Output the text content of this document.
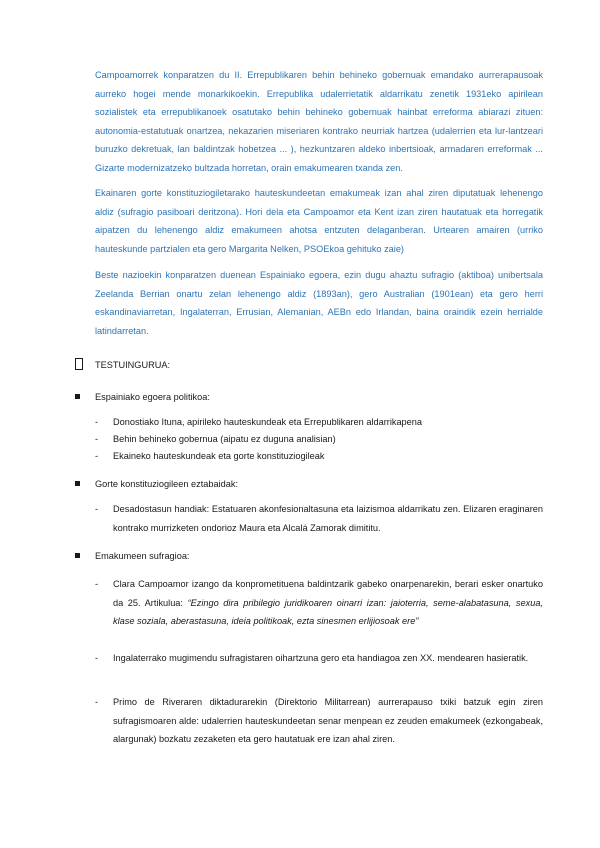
Campoamorrek konparatzen du II. Errepublikaren behin behineko gobernuak emandako aurrerapausoak aurreko hogei mende monarkikoekin. Errepublika udalerrietatik aldarrikatu zenetik 1931eko apirilean sozialistek eta errepublikanoek osatutako behin behineko gobernuak hainbat erreforma abiarazi zituen: autonomia-estatutuak onartzea, nekazarien miseriaren kontrako neurriak hartzea (udalerrien eta lur-lantzeari buruzko dekretuak, lan baldintzak hobetzea ... ), hezkuntzaren aldeko inbertsioak, armadaren erreformak ... Gizarte modernizatzeko bultzada horretan, orain emakumearen txanda zen.

Ekainaren gorte konstituziogiletarako hauteskundeetan emakumeak izan ahal ziren diputatuak lehenengo aldiz (sufragio pasiboari deritzona). Hori dela eta Campoamor eta Kent izan ziren hautatuak eta horregatik aipatzen du lehenengo aldiz emakumeen ahotsa entzuten delaganberan. Urtearen amairen (urriko hauteskunde partzialen eta gero Margarita Nelken, PSOEkoa gehituko zaie)

Beste nazioekin konparatzen duenean Espainiako egoera, ezin dugu ahaztu sufragio (aktiboa) unibertsala Zeelanda Berrian onartu zelan lehenengo aldiz (1893an), gero Australian (1901ean) eta gero herri eskandinaviarretan, Ingalaterran, Errusian, Alemanian, AEBn edo Irlandan, baina oraindik ezein herrialde latindarretan.

TESTUINGURUA:
Espainiako egoera politikoa:
- Donostiako Ituna, apirileko hauteskundeak eta Errepublikaren aldarrikapena
- Behin behineko gobernua (aipatu ez duguna analisian)
- Ekaineko hauteskundeak eta gorte konstituziogileak
Gorte konstituziogileen eztabaidak:
- Desadostasun handiak: Estatuaren akonfesionaltasuna eta laizismoa aldarrikatu zen. Elizaren eraginaren kontrako murrizketen ondorioz Maura eta Alcalá Zamorak dimititu.
Emakumeen sufragioa:
- Clara Campoamor izango da konprometituena baldintzarik gabeko onarpenarekin, berari esker onartuko da 25. Artikulua: “Ezingo dira pribilegio juridikoaren oinarri izan: jaioterria, seme-alabatasuna, sexua, klase soziala, aberastasuna, ideia politikoak, ezta sinesmen erlijiosoak ere”
- Ingalaterrako mugimendu sufragistaren oihartzuna gero eta handiagoa zen XX. mendearen hasieratik.
- Primo de Riveraren diktadurarekin (Direktorio Militarrean) aurrerapauso txiki batzuk egin ziren sufragismoaren alde: udalerrien hauteskundeetan senar menpean ez zeuden emakumeek (ezkongabeak, alargunak) bozkatu zezaketen eta gero hautatuak ere izan ahal ziren.
